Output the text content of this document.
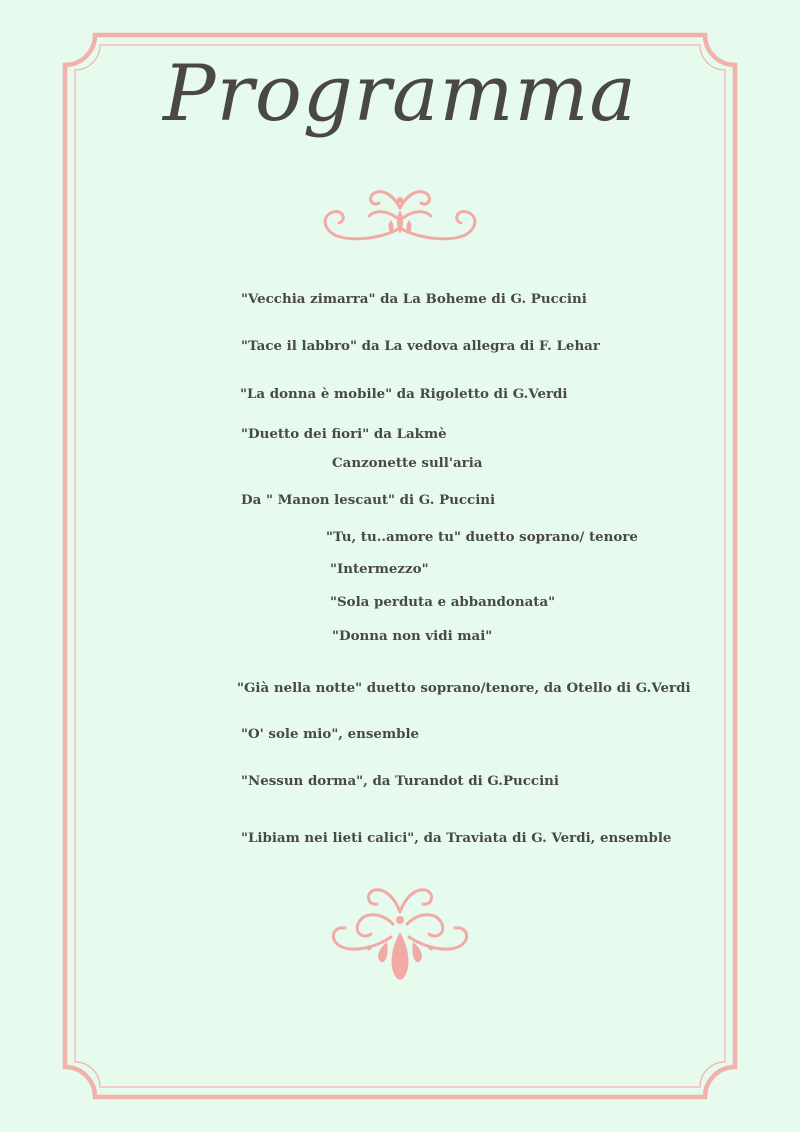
Programma
"Vecchia zimarra" da La Boheme di G. Puccini
"Tace il labbro" da La vedova allegra di F. Lehar
"La donna è mobile" da Rigoletto di G.Verdi
"Duetto dei fiori" da Lakmè
Canzonette sull'aria
Da " Manon lescaut" di G. Puccini
"Tu, tu..amore tu" duetto soprano/ tenore
"Intermezzo"
"Sola perduta e abbandonata"
"Donna non vidi mai"
"Già nella notte" duetto soprano/tenore, da Otello di G.Verdi
"O' sole mio", ensemble
"Nessun dorma", da Turandot di G.Puccini
"Libiam nei lieti calici", da Traviata di G. Verdi, ensemble
